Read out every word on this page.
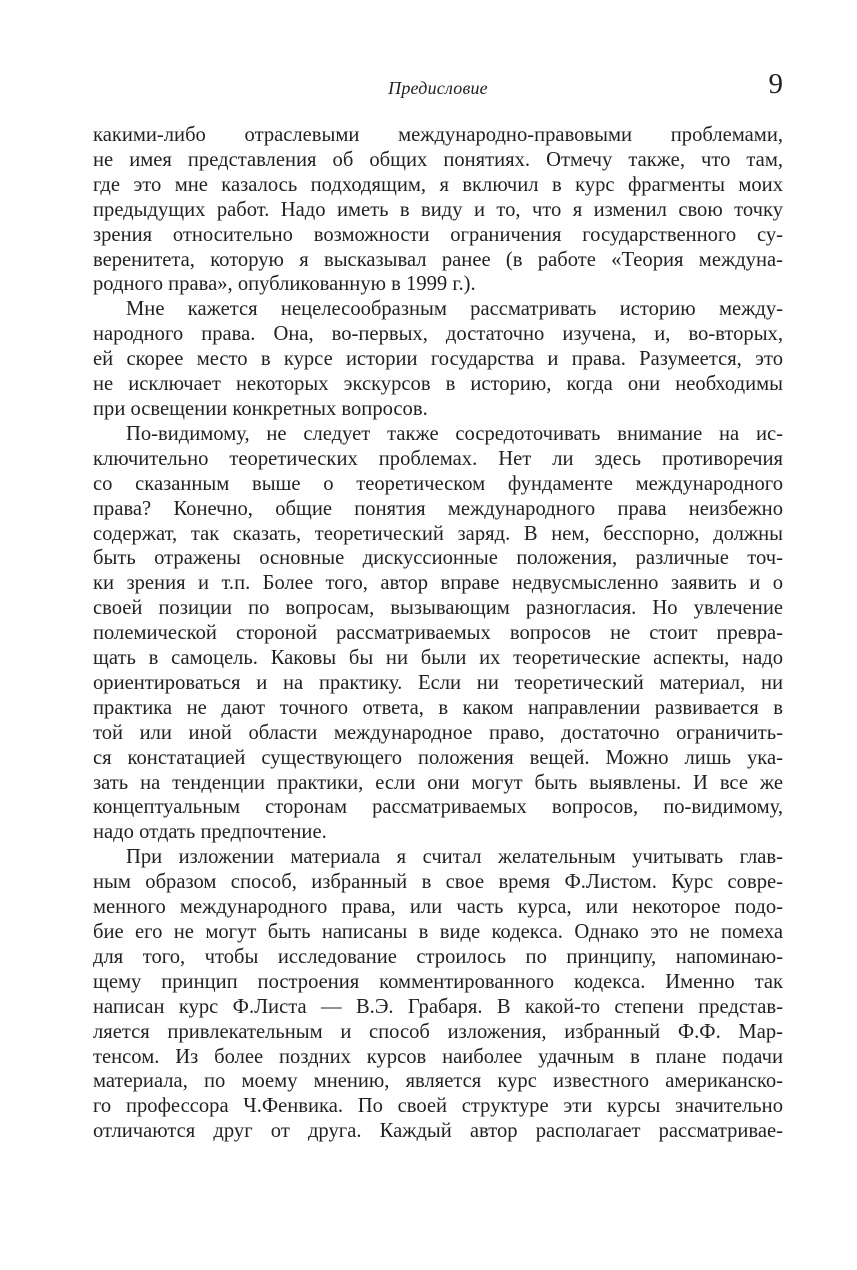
Предисловие	9
какими-либо отраслевыми международно-правовыми проблемами,
не имея представления об общих понятиях. Отмечу также, что там,
где это мне казалось подходящим, я включил в курс фрагменты моих
предыдущих работ. Надо иметь в виду и то, что я изменил свою точку
зрения относительно возможности ограничения государственного су-
веренитета, которую я высказывал ранее (в работе «Теория междуна-
родного права», опубликованную в 1999 г.).
Мне кажется нецелесообразным рассматривать историю между-
народного права. Она, во-первых, достаточно изучена, и, во-вторых,
ей скорее место в курсе истории государства и права. Разумеется, это
не исключает некоторых экскурсов в историю, когда они необходимы
при освещении конкретных вопросов.
По-видимому, не следует также сосредоточивать внимание на ис-
ключительно теоретических проблемах. Нет ли здесь противоречия
со сказанным выше о теоретическом фундаменте международного
права? Конечно, общие понятия международного права неизбежно
содержат, так сказать, теоретический заряд. В нем, бесспорно, должны
быть отражены основные дискуссионные положения, различные точ-
ки зрения и т.п. Более того, автор вправе недвусмысленно заявить и о
своей позиции по вопросам, вызывающим разногласия. Но увлечение
полемической стороной рассматриваемых вопросов не стоит превра-
щать в самоцель. Каковы бы ни были их теоретические аспекты, надо
ориентироваться и на практику. Если ни теоретический материал, ни
практика не дают точного ответа, в каком направлении развивается в
той или иной области международное право, достаточно ограничить-
ся констатацией существующего положения вещей. Можно лишь ука-
зать на тенденции практики, если они могут быть выявлены. И все же
концептуальным сторонам рассматриваемых вопросов, по-видимому,
надо отдать предпочтение.
При изложении материала я считал желательным учитывать глав-
ным образом способ, избранный в свое время Ф.Листом. Курс совре-
менного международного права, или часть курса, или некоторое подо-
бие его не могут быть написаны в виде кодекса. Однако это не помеха
для того, чтобы исследование строилось по принципу, напоминаю-
щему принцип построения комментированного кодекса. Именно так
написан курс Ф.Листа — В.Э. Грабаря. В какой-то степени представ-
ляется привлекательным и способ изложения, избранный Ф.Ф. Мар-
тенсом. Из более поздних курсов наиболее удачным в плане подачи
материала, по моему мнению, является курс известного американско-
го профессора Ч.Фенвика. По своей структуре эти курсы значительно
отличаются друг от друга. Каждый автор располагает рассматривае-
